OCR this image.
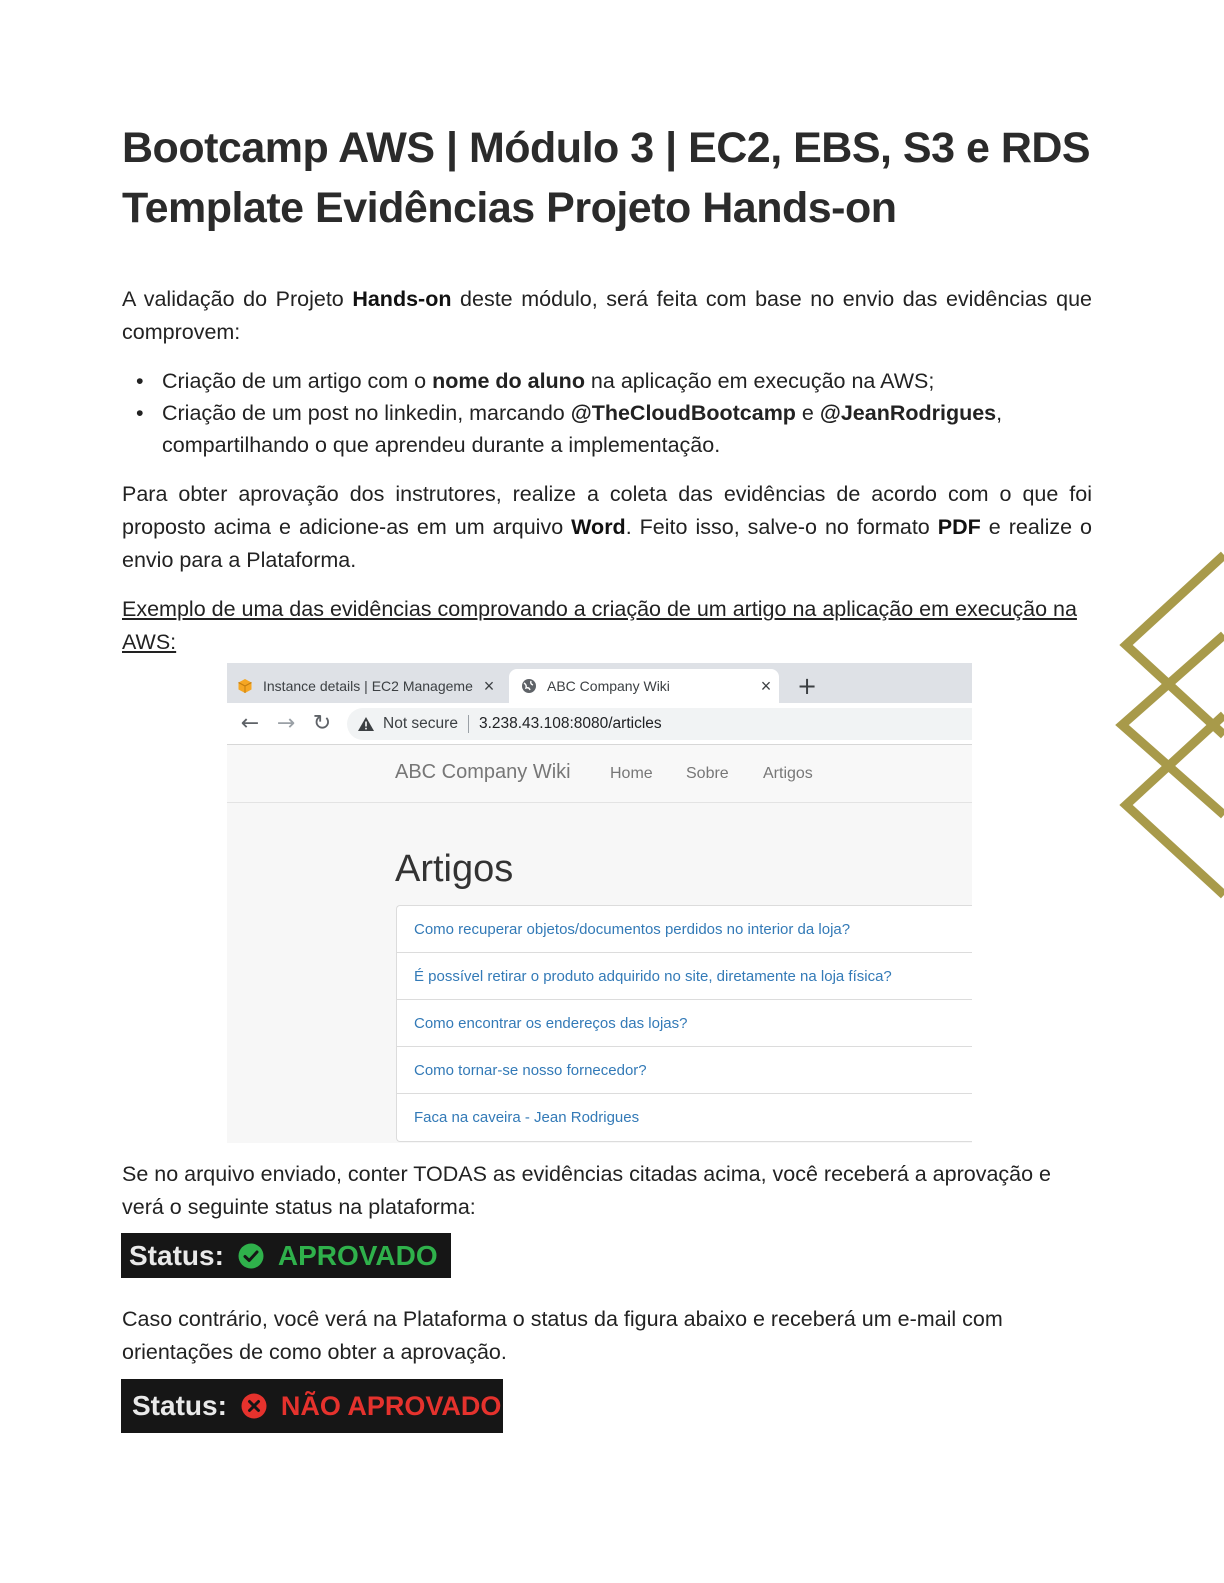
Bootcamp AWS | Módulo 3 | EC2, EBS, S3 e RDS
Template Evidências Projeto Hands-on

A validação do Projeto Hands-on deste módulo, será feita com base no envio das evidências que comprovem:

• Criação de um artigo com o nome do aluno na aplicação em execução na AWS;
• Criação de um post no linkedin, marcando @TheCloudBootcamp e @JeanRodrigues, compartilhando o que aprendeu durante a implementação.

Para obter aprovação dos instrutores, realize a coleta das evidências de acordo com o que foi proposto acima e adicione-as em um arquivo Word. Feito isso, salve-o no formato PDF e realize o envio para a Plataforma.

Exemplo de uma das evidências comprovando a criação de um artigo na aplicação em execução na AWS:

Instance details | EC2 Manageme ×	ABC Company Wiki	×	+
← → ↻	Not secure 3.238.43.108:8080/articles
ABC Company Wiki Home Sobre Artigos
Artigos
Como recuperar objetos/documentos perdidos no interior da loja?
É possível retirar o produto adquirido no site, diretamente na loja física?
Como encontrar os endereços das lojas?
Como tornar-se nosso fornecedor?
Faca na caveira - Jean Rodrigues

Se no arquivo enviado, conter TODAS as evidências citadas acima, você receberá a aprovação e verá o seguinte status na plataforma:

Status: APROVADO

Caso contrário, você verá na Plataforma o status da figura abaixo e receberá um e-mail com orientações de como obter a aprovação.

Status: NÃO APROVADO
